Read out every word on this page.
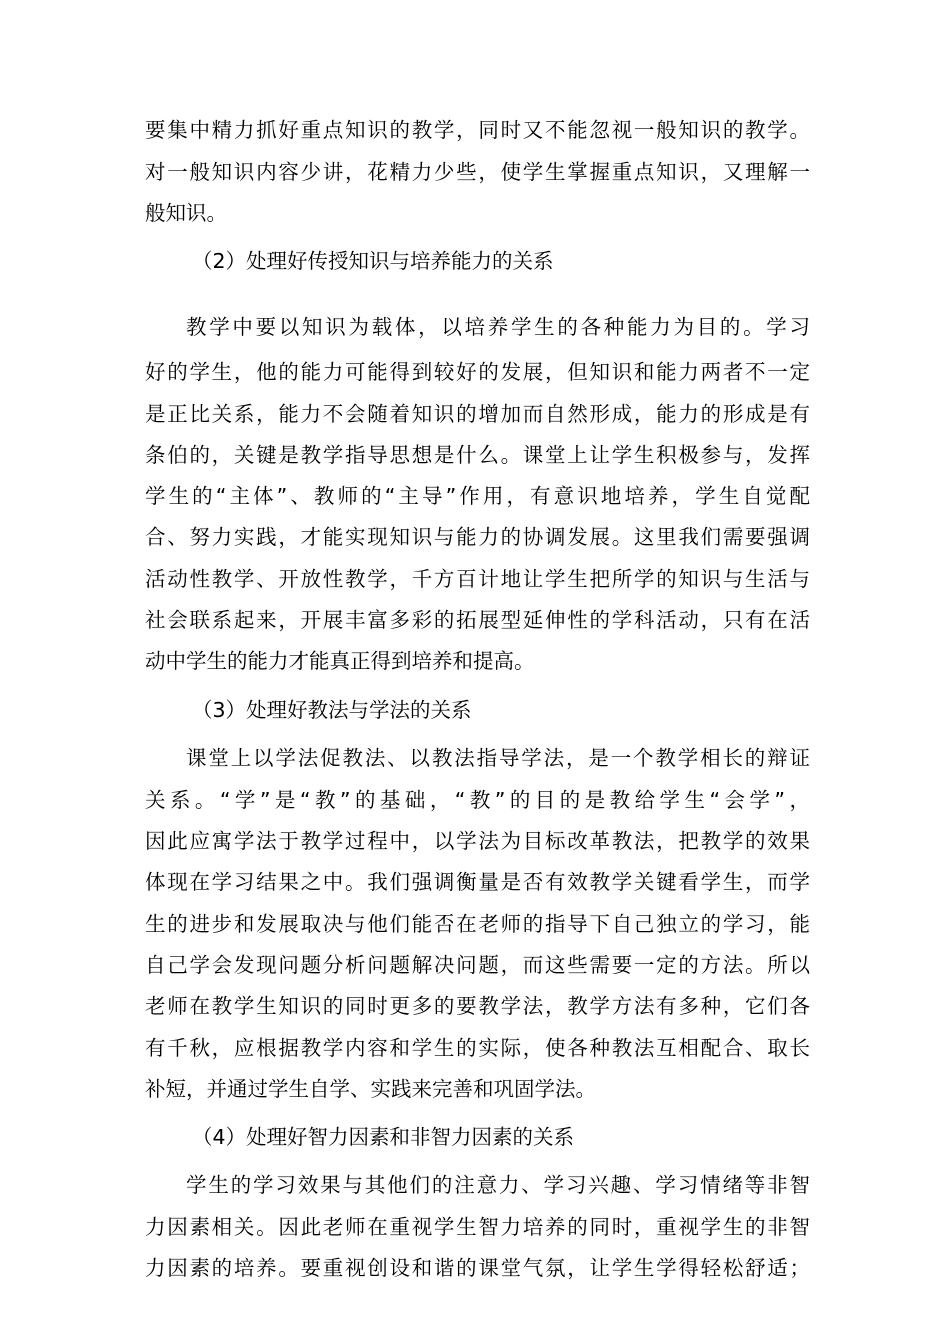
要集中精力抓好重点知识的教学，同时又不能忽视一般知识的教学。
对一般知识内容少讲，花精力少些，使学生掌握重点知识，又理解一
般知识。
（2）处理好传授知识与培养能力的关系
教学中要以知识为载体，以培养学生的各种能力为目的。学习
好的学生，他的能力可能得到较好的发展，但知识和能力两者不一定
是正比关系，能力不会随着知识的增加而自然形成，能力的形成是有
条伯的，关键是教学指导思想是什么。课堂上让学生积极参与，发挥
学生的“主体”、教师的“主导”作用，有意识地培养，学生自觉配
合、努力实践，才能实现知识与能力的协调发展。这里我们需要强调
活动性教学、开放性教学，千方百计地让学生把所学的知识与生活与
社会联系起来，开展丰富多彩的拓展型延伸性的学科活动，只有在活
动中学生的能力才能真正得到培养和提高。
（3）处理好教法与学法的关系
课堂上以学法促教法、以教法指导学法，是一个教学相长的辩证
关系。“学”是“教”的基础，“教”的目的是教给学生“会学”，
因此应寓学法于教学过程中，以学法为目标改革教法，把教学的效果
体现在学习结果之中。我们强调衡量是否有效教学关键看学生，而学
生的进步和发展取决与他们能否在老师的指导下自己独立的学习，能
自己学会发现问题分析问题解决问题，而这些需要一定的方法。所以
老师在教学生知识的同时更多的要教学法，教学方法有多种，它们各
有千秋，应根据教学内容和学生的实际，使各种教法互相配合、取长
补短，并通过学生自学、实践来完善和巩固学法。
（4）处理好智力因素和非智力因素的关系
学生的学习效果与其他们的注意力、学习兴趣、学习情绪等非智
力因素相关。因此老师在重视学生智力培养的同时，重视学生的非智
力因素的培养。要重视创设和谐的课堂气氛，让学生学得轻松舒适；
